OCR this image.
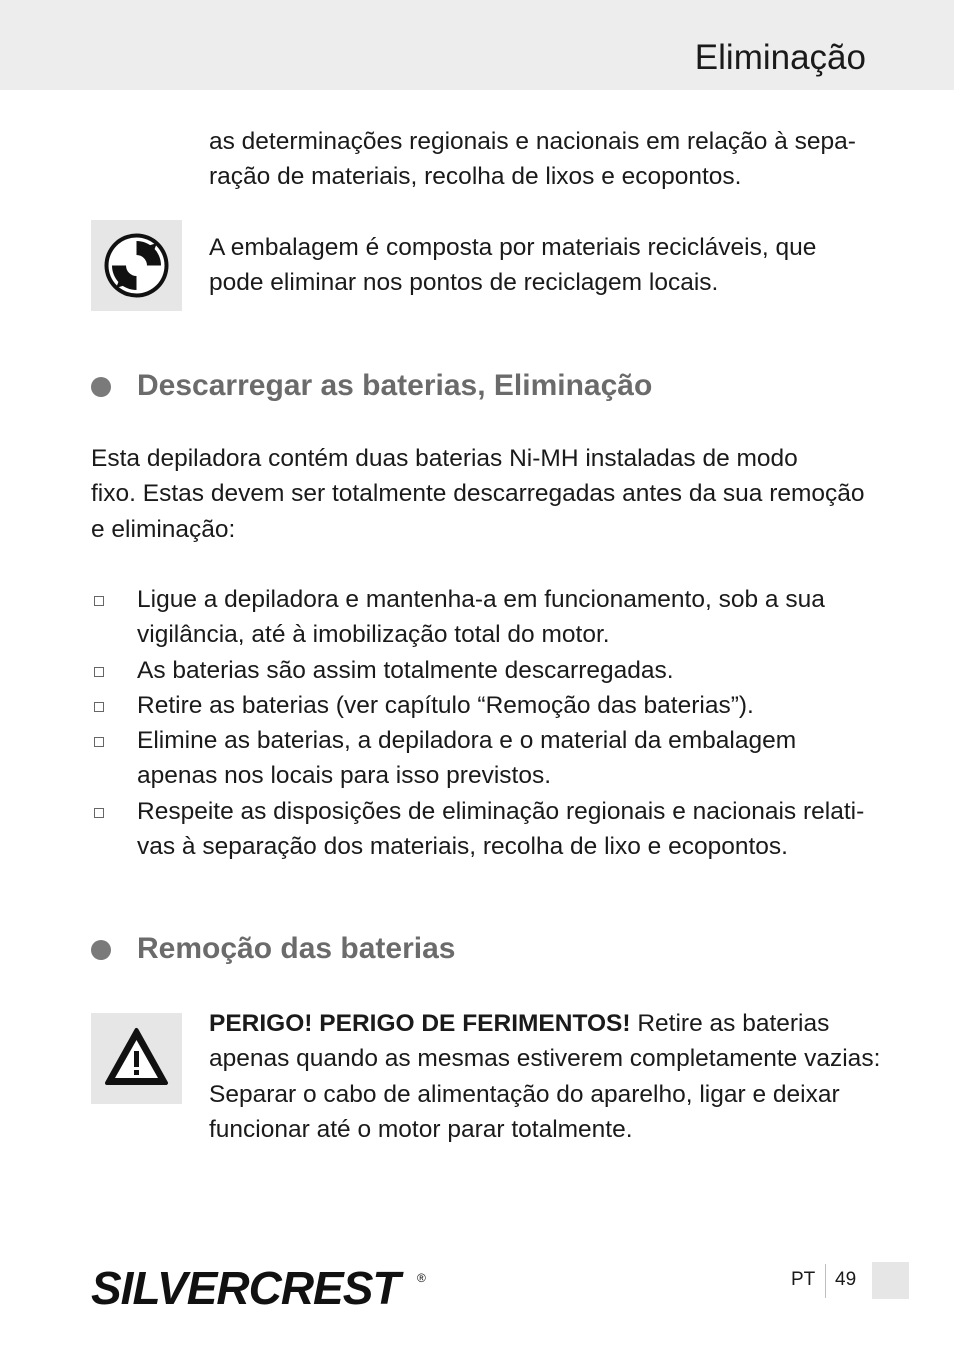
Eliminação
as determinações regionais e nacionais em relação à sepa-
ração de materiais, recolha de lixos e ecopontos.
A embalagem é composta por materiais recicláveis, que
pode eliminar nos pontos de reciclagem locais.
Descarregar as baterias, Eliminação
Esta depiladora contém duas baterias Ni-MH instaladas de modo
fixo. Estas devem ser totalmente descarregadas antes da sua remoção
e eliminação:
Ligue a depiladora e mantenha-a em funcionamento, sob a sua
vigilância, até à imobilização total do motor.
As baterias são assim totalmente descarregadas.
Retire as baterias (ver capítulo “Remoção das baterias”).
Elimine as baterias, a depiladora e o material da embalagem
apenas nos locais para isso previstos.
Respeite as disposições de eliminação regionais e nacionais relati-
vas à separação dos materiais, recolha de lixo e ecopontos.
Remoção das baterias
PERIGO! PERIGO DE FERIMENTOS! Retire as baterias
apenas quando as mesmas estiverem completamente vazias:
Separar o cabo de alimentação do aparelho, ligar e deixar
funcionar até o motor parar totalmente.
SILVERCREST	®	PT 49
